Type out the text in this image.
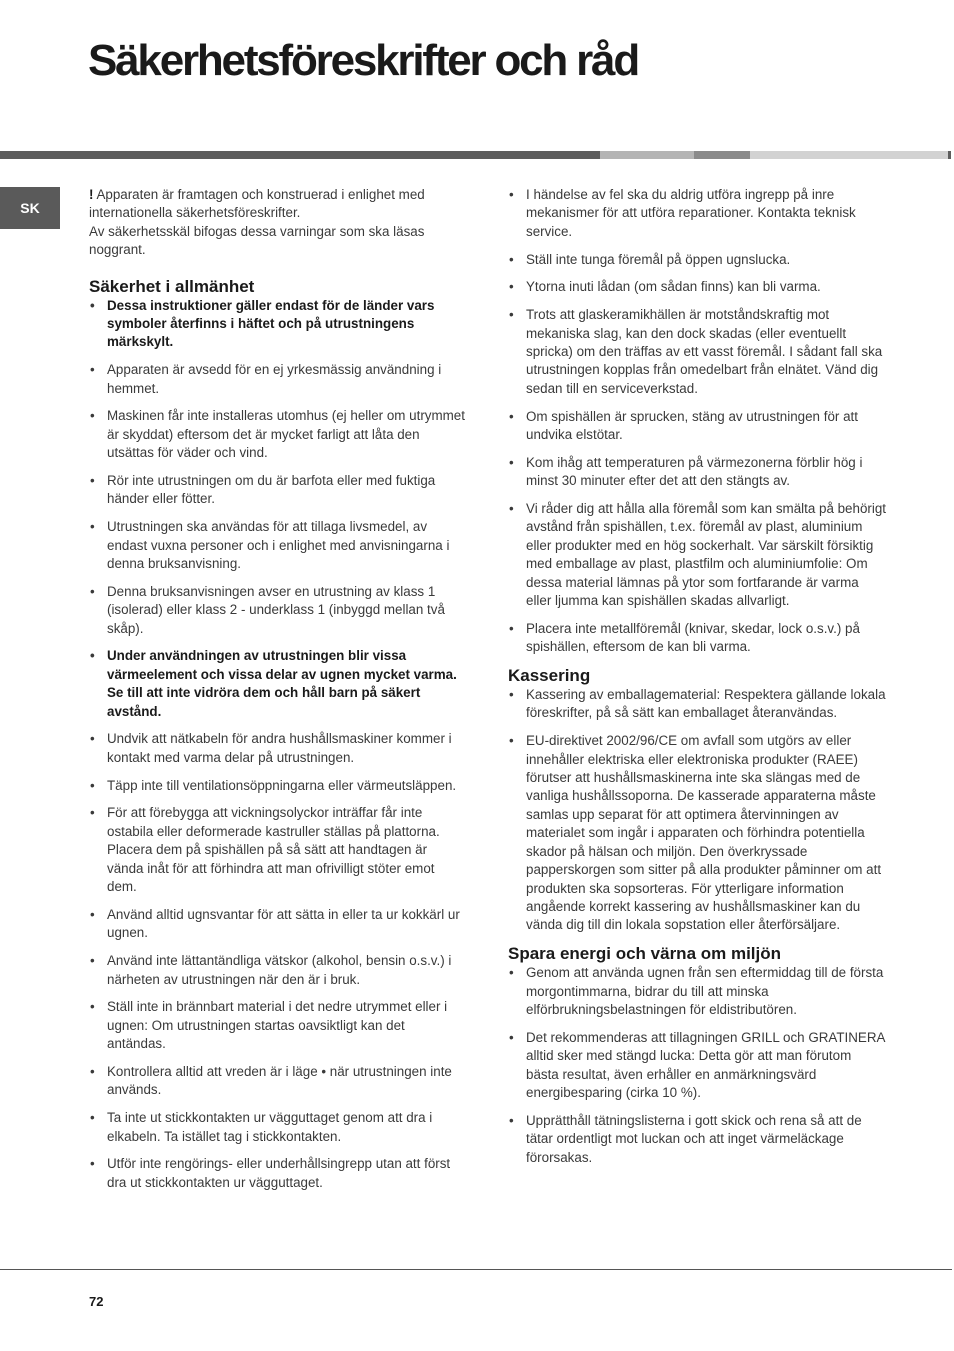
Säkerhetsföreskrifter och råd
SK

! Apparaten är framtagen och konstruerad i enlighet med internationella säkerhetsföreskrifter.
Av säkerhetsskäl bifogas dessa varningar som ska läsas noggrant.

Säkerhet i allmänhet
• Dessa instruktioner gäller endast för de länder vars symboler återfinns i häftet och på utrustningens märkskylt.
• Apparaten är avsedd för en ej yrkesmässig användning i hemmet.
• Maskinen får inte installeras utomhus (ej heller om utrymmet är skyddat) eftersom det är mycket farligt att låta den utsättas för väder och vind.
• Rör inte utrustningen om du är barfota eller med fuktiga händer eller fötter.
• Utrustningen ska användas för att tillaga livsmedel, av endast vuxna personer och i enlighet med anvisningarna i denna bruksanvisning.
• Denna bruksanvisningen avser en utrustning av klass 1 (isolerad) eller klass 2 - underklass 1 (inbyggd mellan två skåp).
• Under användningen av utrustningen blir vissa värmeelement och vissa delar av ugnen mycket varma. Se till att inte vidröra dem och håll barn på säkert avstånd.
• Undvik att nätkabeln för andra hushållsmaskiner kommer i kontakt med varma delar på utrustningen.
• Täpp inte till ventilationsöppningarna eller värmeutsläppen.
• För att förebygga att vickningsolyckor inträffar får inte ostabila eller deformerade kastruller ställas på plattorna. Placera dem på spishällen på så sätt att handtagen är vända inåt för att förhindra att man ofrivilligt stöter emot dem.
• Använd alltid ugnsvantar för att sätta in eller ta ur kokkärl ur ugnen.
• Använd inte lättantändliga vätskor (alkohol, bensin o.s.v.) i närheten av utrustningen när den är i bruk.
• Ställ inte in brännbart material i det nedre utrymmet eller i ugnen: Om utrustningen startas oavsiktligt kan det antändas.
• Kontrollera alltid att vreden är i läge • när utrustningen inte används.
• Ta inte ut stickkontakten ur vägguttaget genom att dra i elkabeln. Ta istället tag i stickkontakten.
• Utför inte rengörings- eller underhållsingrepp utan att först dra ut stickkontakten ur vägguttaget.
• I händelse av fel ska du aldrig utföra ingrepp på inre mekanismer för att utföra reparationer. Kontakta teknisk service.
• Ställ inte tunga föremål på öppen ugnslucka.
• Ytorna inuti lådan (om sådan finns) kan bli varma.
• Trots att glaskeramikhällen är motståndskraftig mot mekaniska slag, kan den dock skadas (eller eventuellt spricka) om den träffas av ett vasst föremål. I sådant fall ska utrustningen kopplas från omedelbart från elnätet. Vänd dig sedan till en serviceverkstad.
• Om spishällen är sprucken, stäng av utrustningen för att undvika elstötar.
• Kom ihåg att temperaturen på värmezonerna förblir hög i minst 30 minuter efter det att den stängts av.
• Vi råder dig att hålla alla föremål som kan smälta på behörigt avstånd från spishällen, t.ex. föremål av plast, aluminium eller produkter med en hög sockerhalt. Var särskilt försiktig med emballage av plast, plastfilm och aluminiumfolie: Om dessa material lämnas på ytor som fortfarande är varma eller ljumma kan spishällen skadas allvarligt.
• Placera inte metallföremål (knivar, skedar, lock o.s.v.) på spishällen, eftersom de kan bli varma.
Kassering
• Kassering av emballagematerial: Respektera gällande lokala föreskrifter, på så sätt kan emballaget återanvändas.
• EU-direktivet 2002/96/CE om avfall som utgörs av eller innehåller elektriska eller elektroniska produkter (RAEE) förutser att hushållsmaskinerna inte ska slängas med de vanliga hushållssoporna. De kasserade apparaterna måste samlas upp separat för att optimera återvinningen av materialet som ingår i apparaten och förhindra potentiella skador på hälsan och miljön. Den överkryssade papperskorgen som sitter på alla produkter påminner om att produkten ska sopsorteras. För ytterligare information angående korrekt kassering av hushållsmaskiner kan du vända dig till din lokala sopstation eller återförsäljare.
Spara energi och värna om miljön
• Genom att använda ugnen från sen eftermiddag till de första morgontimmarna, bidrar du till att minska elförbrukningsbelastningen för eldistributören.
• Det rekommenderas att tillagningen GRILL och GRATINERA alltid sker med stängd lucka: Detta gör att man förutom bästa resultat, även erhåller en anmärkningsvärd energibesparing (cirka 10 %).
• Upprätthåll tätningslisterna i gott skick och rena så att de tätar ordentligt mot luckan och att inget värmeläckage förorsakas.
72
